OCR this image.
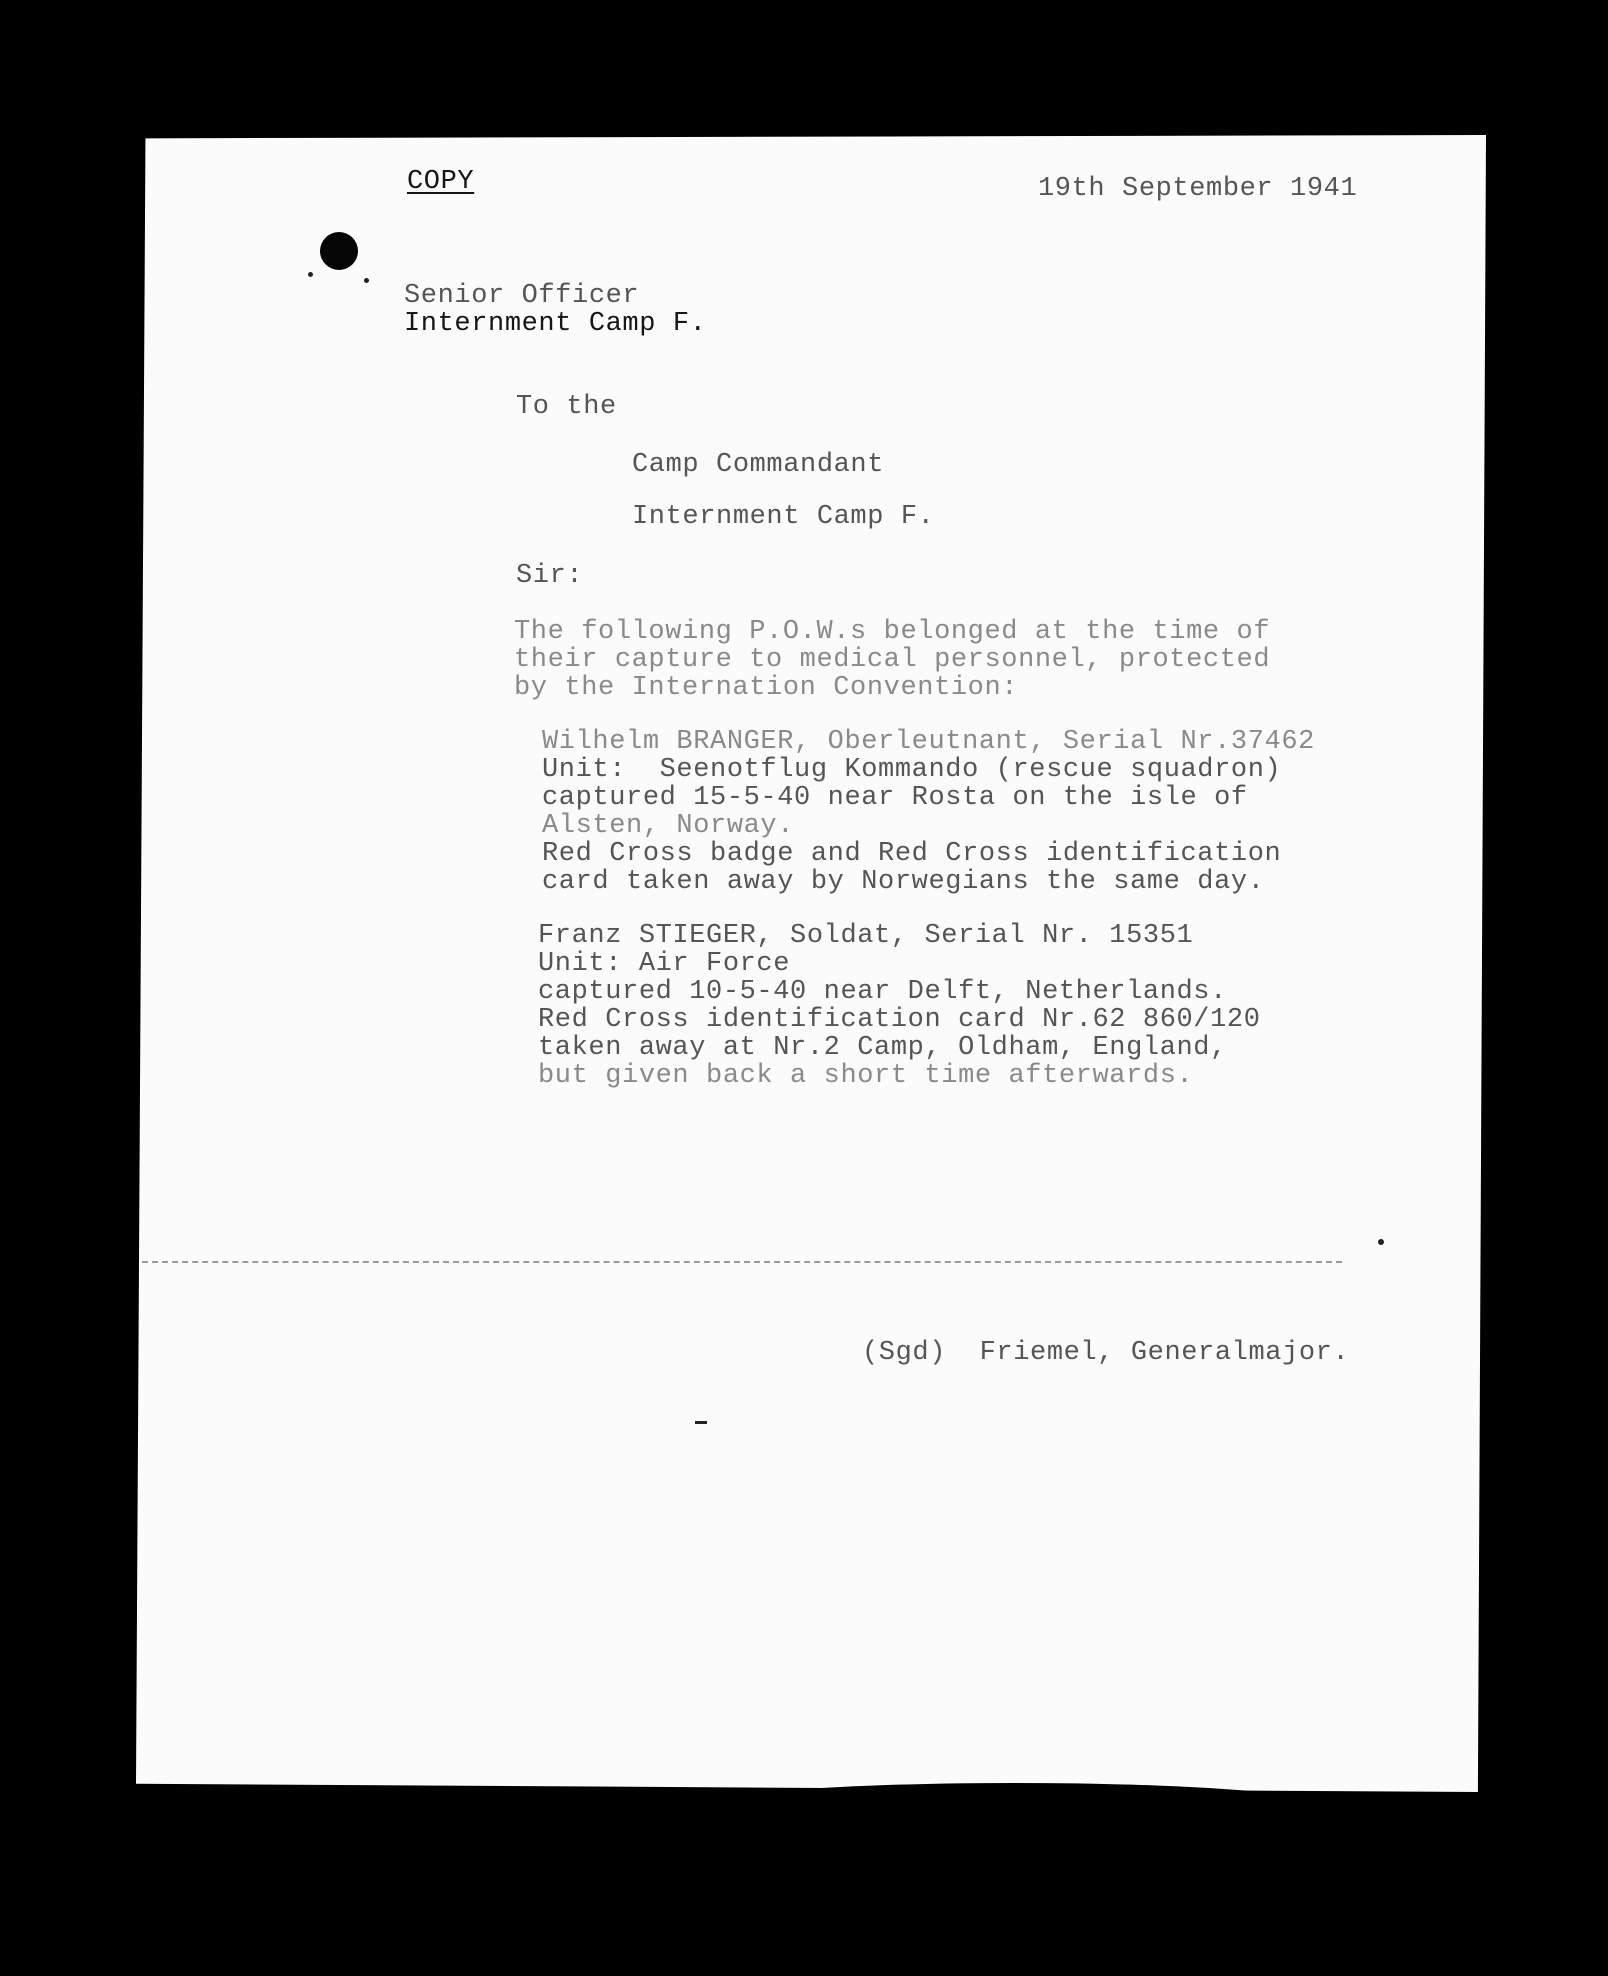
COPY	19th September 1941
Senior Officer
Internment Camp F.
To the
Camp Commandant
Internment Camp F.
Sir:
The following P.O.W.s belonged at the time of
their capture to medical personnel, protected
by the Internation Convention:
Wilhelm BRANGER, Oberleutnant, Serial Nr.37462
Unit:  Seenotflug Kommando (rescue squadron)
captured 15-5-40 near Rosta on the isle of
Alsten, Norway.
Red Cross badge and Red Cross identification
card taken away by Norwegians the same day.
Franz STIEGER, Soldat, Serial Nr. 15351
Unit: Air Force
captured 10-5-40 near Delft, Netherlands.
Red Cross identification card Nr.62 860/120
taken away at Nr.2 Camp, Oldham, England,
but given back a short time afterwards.
(Sgd)  Friemel, Generalmajor.
